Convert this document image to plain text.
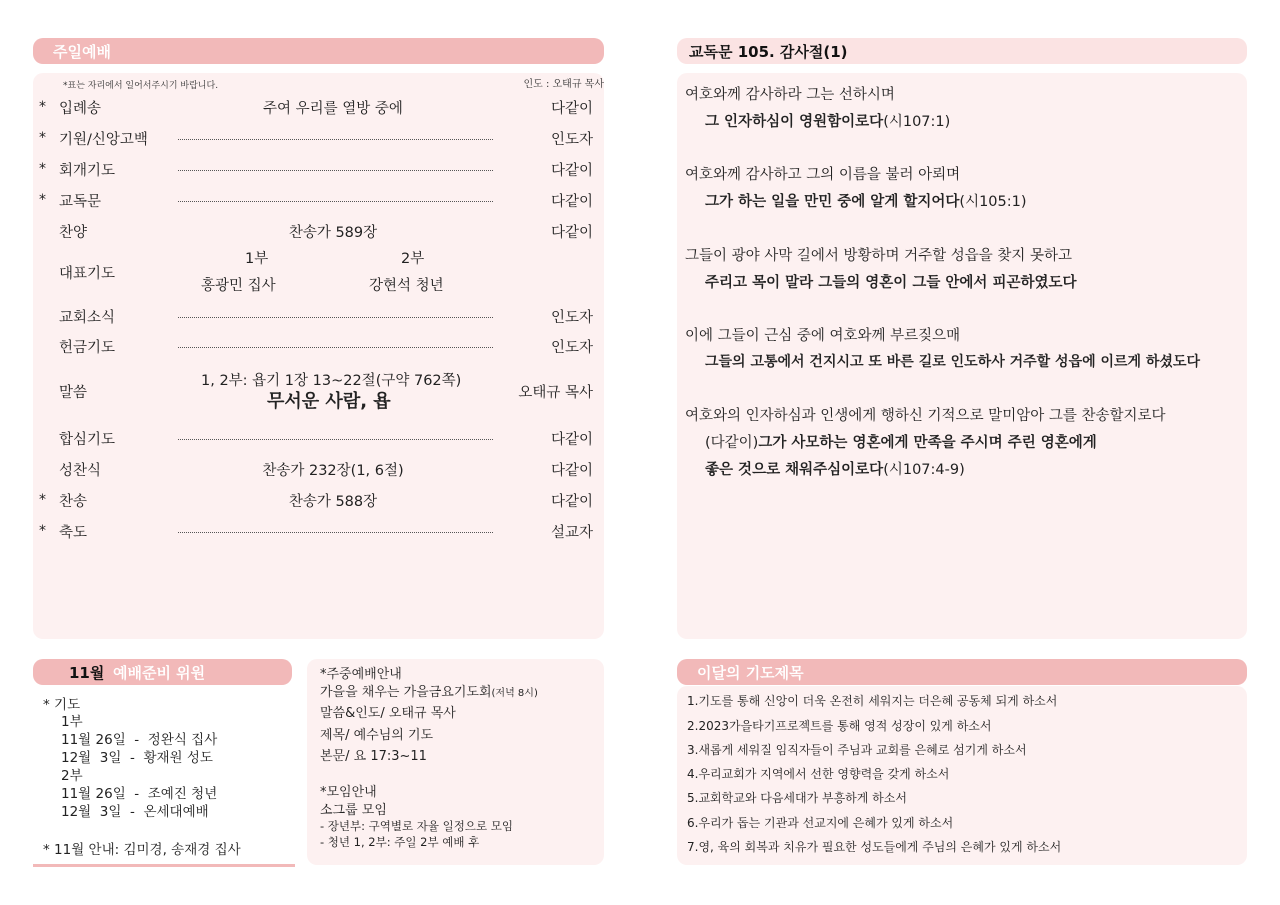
주일예배
*표는 자리에서 일어서주시기 바랍니다.	인도 : 오태규 목사
* 입례송	주여 우리를 열방 중에	다같이
* 기원/신앙고백	인도자
* 회개기도	다같이
* 교독문	다같이
찬양	찬송가 589장	다같이
대표기도
1부	2부
홍광민 집사	강현석 청년
교회소식	인도자
헌금기도	인도자
말씀
1, 2부: 욥기 1장 13~22절(구약 762쪽)
무서운 사람, 욥	오태규 목사
합심기도	다같이
성찬식	찬송가 232장(1, 6절)	다같이
* 찬송	찬송가 588장	다같이
* 축도	설교자
교독문 105. 감사절(1)
여호와께 감사하라 그는 선하시며
그 인자하심이 영원함이로다(시107:1)
여호와께 감사하고 그의 이름을 불러 아뢰며
그가 하는 일을 만민 중에 알게 할지어다(시105:1)
그들이 광야 사막 길에서 방황하며 거주할 성읍을 찾지 못하고
주리고 목이 말라 그들의 영혼이 그들 안에서 피곤하였도다
이에 그들이 근심 중에 여호와께 부르짖으매
그들의 고통에서 건지시고 또 바른 길로 인도하사 거주할 성읍에 이르게 하셨도다
여호와의 인자하심과 인생에게 행하신 기적으로 말미암아 그를 찬송할지로다
(다같이)그가 사모하는 영혼에게 만족을 주시며 주린 영혼에게
좋은 것으로 채워주심이로다(시107:4-9)
11월 예배준비 위원
* 기도
1부
11월 26일  -  정완식 집사
12월  3일  -  황재원 성도
2부
11월 26일  -  조예진 청년
12월  3일  -  온세대예배
* 11월 안내: 김미경, 송재경 집사
*주중예배안내
가을을 채우는 가을금요기도회(저녁 8시)
말씀&인도/ 오태규 목사
제목/ 예수님의 기도
본문/ 요 17:3~11
*모임안내
소그룹 모임
- 장년부: 구역별로 자율 일정으로 모임
- 청년 1, 2부: 주일 2부 예배 후
이달의 기도제목
1.기도를 통해 신앙이 더욱 온전히 세워지는 더은혜 공동체 되게 하소서
2.2023가을타기프로젝트를 통해 영적 성장이 있게 하소서
3.새롭게 세워질 임직자들이 주님과 교회를 은혜로 섬기게 하소서
4.우리교회가 지역에서 선한 영향력을 갖게 하소서
5.교회학교와 다음세대가 부흥하게 하소서
6.우리가 돕는 기관과 선교지에 은혜가 있게 하소서
7.영, 육의 회복과 치유가 필요한 성도들에게 주님의 은혜가 있게 하소서
